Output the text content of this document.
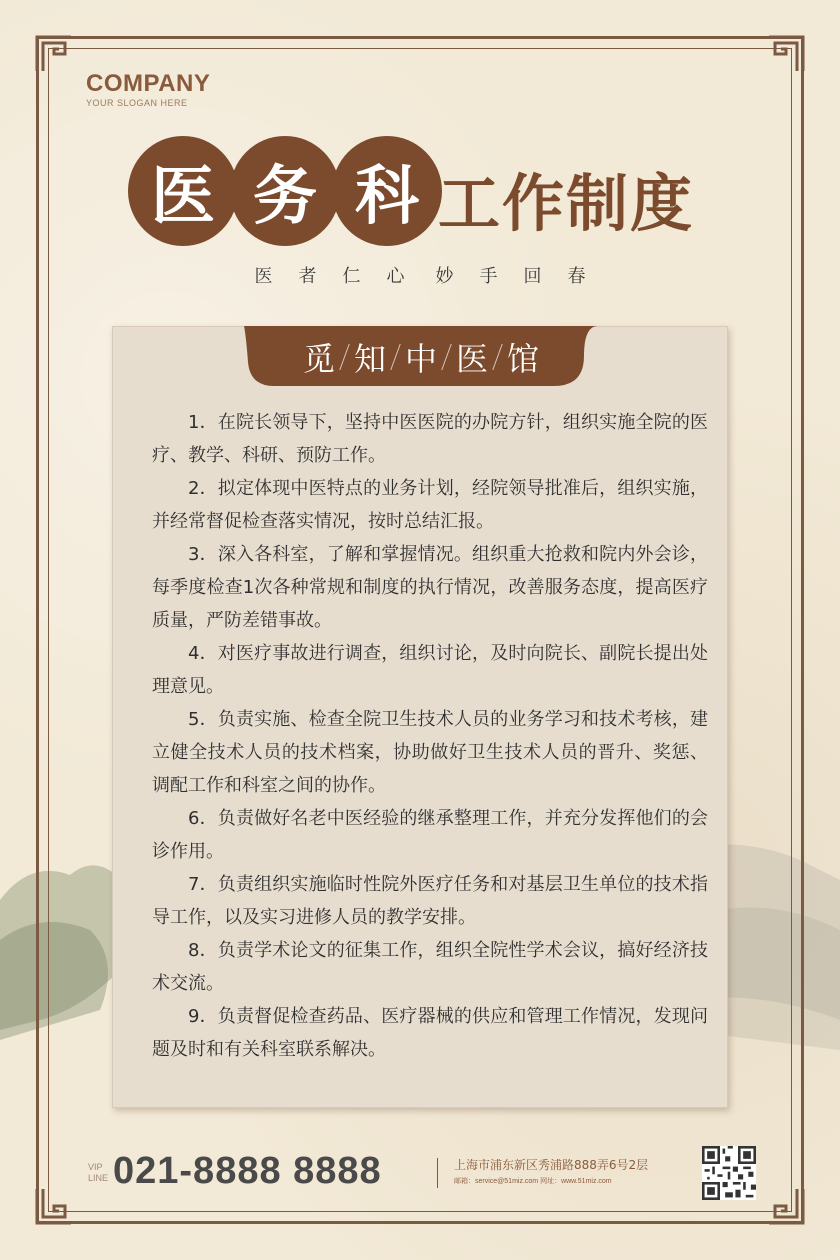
COMPANY
YOUR SLOGAN HERE
医 务 科 工作制度
医 者 仁 心 妙 手 回 春
觅 知 中 医 馆

1．在院长领导下，坚持中医医院的办院方针，组织实施全院的医疗、教学、科研、预防工作。

2．拟定体现中医特点的业务计划，经院领导批准后，组织实施，并经常督促检查落实情况，按时总结汇报。

3．深入各科室，了解和掌握情况。组织重大抢救和院内外会诊，每季度检查1次各种常规和制度的执行情况，改善服务态度，提高医疗质量，严防差错事故。

4．对医疗事故进行调查，组织讨论，及时向院长、副院长提出处理意见。

5．负责实施、检查全院卫生技术人员的业务学习和技术考核，建立健全技术人员的技术档案，协助做好卫生技术人员的晋升、奖惩、调配工作和科室之间的协作。

6．负责做好名老中医经验的继承整理工作，并充分发挥他们的会诊作用。

7．负责组织实施临时性院外医疗任务和对基层卫生单位的技术指导工作，以及实习进修人员的教学安排。

8．负责学术论文的征集工作，组织全院性学术会议，搞好经济技术交流。

9．负责督促检查药品、医疗器械的供应和管理工作情况，发现问题及时和有关科室联系解决。

VIP
LINE 021-8888 8888	上海市浦东新区秀浦路888弄6号2层
邮箱：service@51miz.com 网址：www.51miz.com
